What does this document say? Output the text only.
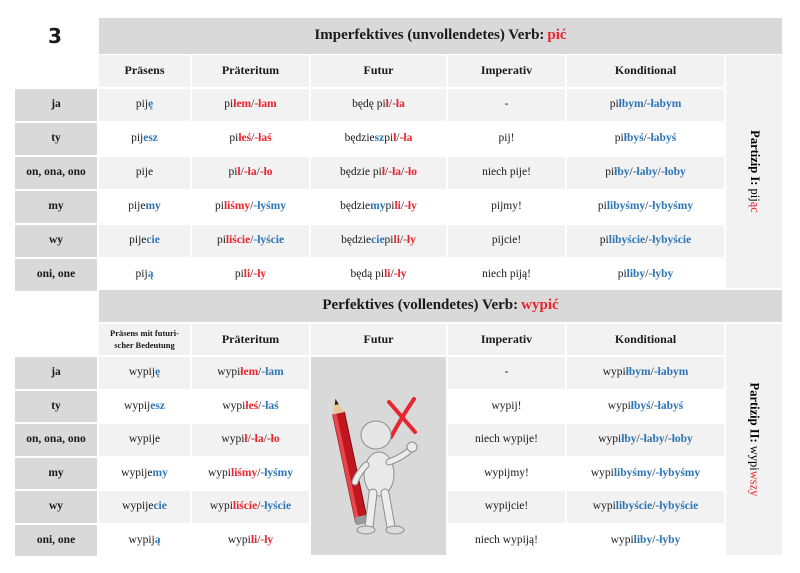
3	Imperfektives (unvollendetes) Verb: pić
Präsens	Präteritum	Futur	Imperativ	Konditional
Partizip I: pijąc
ja	pij ę	pi łem / -łam	będę pi ł / -ła	-	pi łbym / -łabym
ty	pij esz	pi łeś / -łaś	będzie sz pi ł / -ła	pij!	pi łbyś / -łabyś
on, ona, ono	pije	pi ł / -ła / -ło	będzie pi ł / -ła / -ło	niech pije!	pi łby / -łaby / -łoby
my	pije my	pi liśmy / -łyśmy	będzie my pi li / -ły	pijmy!	pi libyśmy / -łybyśmy
wy	pije cie	pi liście / -łyście	będzie cie pi li / -ły	pijcie!	pi libyście / -łybyście
oni, one	pij ą	pi li / -ły	będą pi li / -ły	niech piją!	pi liby / -łyby
Perfektives (vollendetes) Verb: wypić
Präsens mit futuri-scher Bedeutung	Präteritum	Futur	Imperativ	Konditional
Partizip II: wypiwszy
ja	wypij ę	wypi łem / -łam	-	wypi łbym / -łabym
ty	wypij esz	wypi łeś / -łaś	wypij!	wypi łbyś / -łabyś
on, ona, ono	wypije	wypi ł / -ła / -ło	niech wypije!	wypi łby / -łaby / -łoby
my	wypije my	wypi liśmy / -łyśmy	wypijmy!	wypi libyśmy / -łybyśmy
wy	wypije cie	wypi liście / -łyście	wypijcie!	wypi libyście / -łybyście
oni, one	wypij ą	wypi li / -ły	niech wypiją!	wypi liby / -łyby
